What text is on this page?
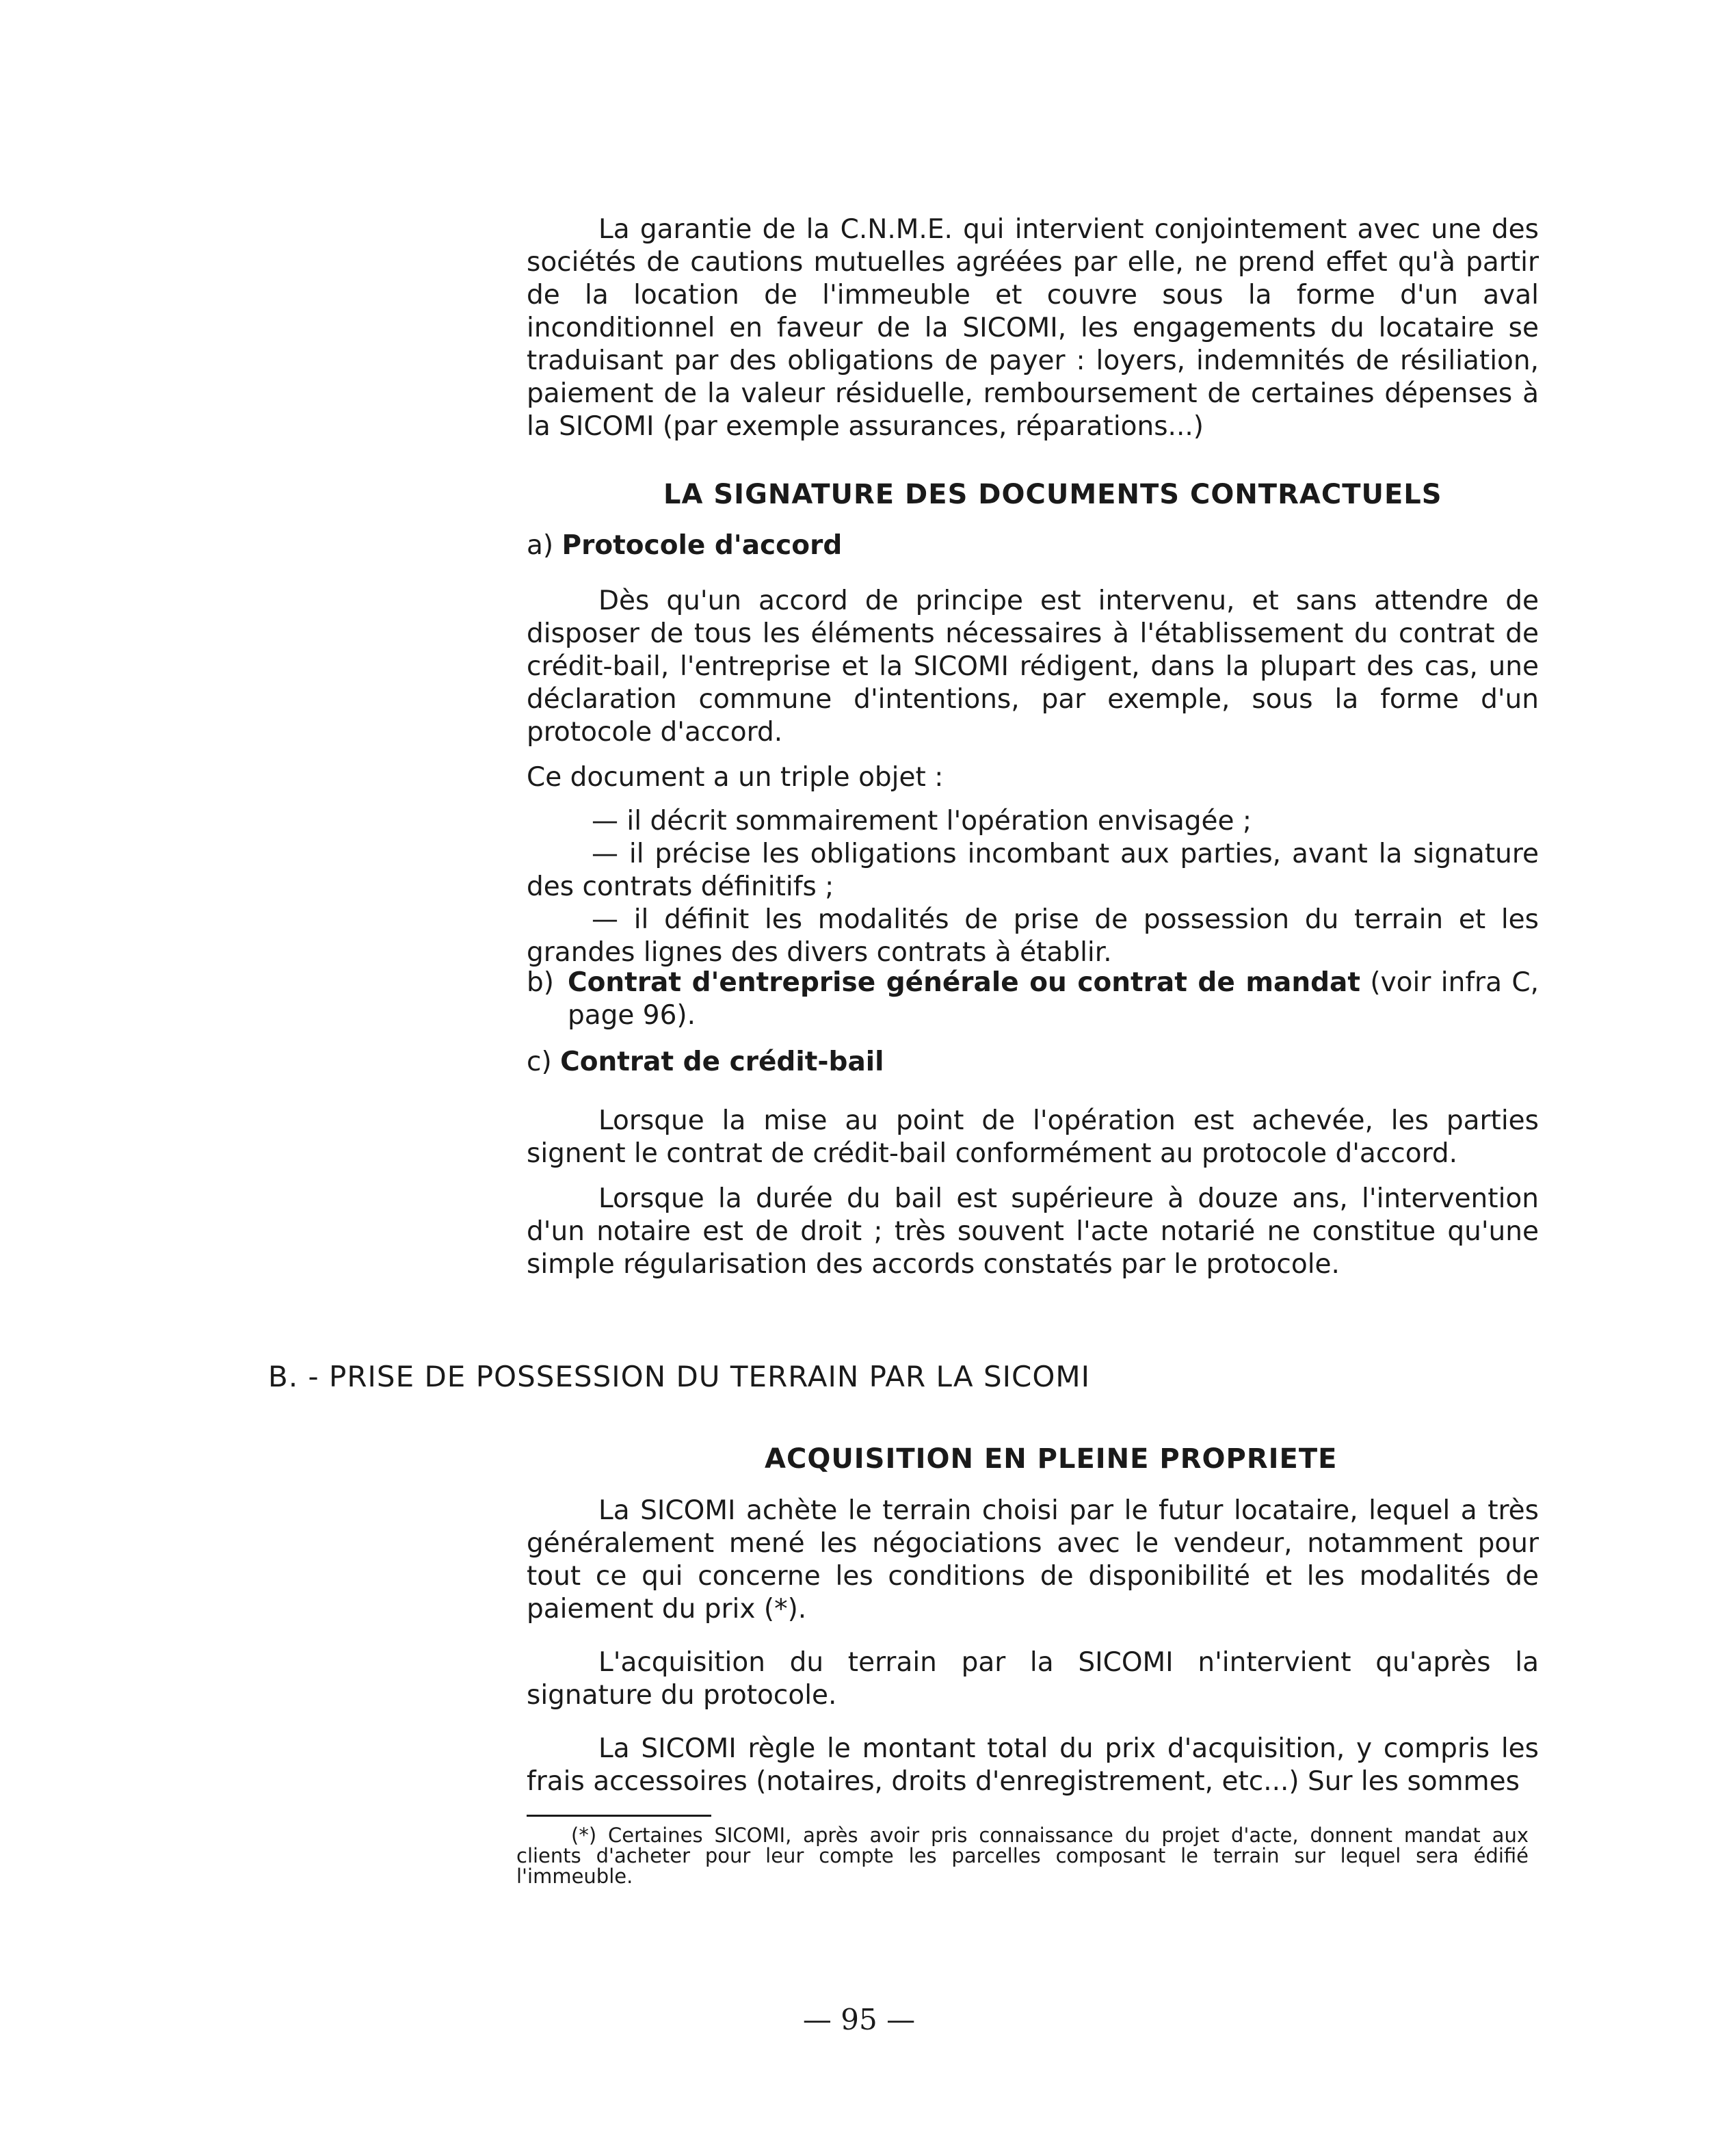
La garantie de la C.N.M.E. qui intervient conjointement avec une des sociétés de cautions mutuelles agréées par elle, ne prend effet qu'à partir de la location de l'immeuble et couvre sous la forme d'un aval inconditionnel en faveur de la SICOMI, les engagements du locataire se traduisant par des obligations de payer : loyers, indemnités de résiliation, paiement de la valeur résiduelle, remboursement de certaines dépenses à la SICOMI (par exemple assurances, réparations...)

LA SIGNATURE DES DOCUMENTS CONTRACTUELS
a) Protocole d'accord

Dès qu'un accord de principe est intervenu, et sans attendre de disposer de tous les éléments nécessaires à l'établissement du contrat de crédit-bail, l'entreprise et la SICOMI rédigent, dans la plupart des cas, une déclaration commune d'intentions, par exemple, sous la forme d'un protocole d'accord.

Ce document a un triple objet :

— il décrit sommairement l'opération envisagée ;

— il précise les obligations incombant aux parties, avant la signature des contrats définitifs ;

— il définit les modalités de prise de possession du terrain et les grandes lignes des divers contrats à établir.

b) Contrat d'entreprise générale ou contrat de mandat (voir infra C, page 96).

c) Contrat de crédit-bail

Lorsque la mise au point de l'opération est achevée, les parties signent le contrat de crédit-bail conformément au protocole d'accord.

Lorsque la durée du bail est supérieure à douze ans, l'intervention d'un notaire est de droit ; très souvent l'acte notarié ne constitue qu'une simple régularisation des accords constatés par le protocole.

B. - PRISE DE POSSESSION DU TERRAIN PAR LA SICOMI
ACQUISITION EN PLEINE PROPRIETE

La SICOMI achète le terrain choisi par le futur locataire, lequel a très généralement mené les négociations avec le vendeur, notamment pour tout ce qui concerne les conditions de disponibilité et les modalités de paiement du prix (*).

L'acquisition du terrain par la SICOMI n'intervient qu'après la signature du protocole.

La SICOMI règle le montant total du prix d'acquisition, y compris les frais accessoires (notaires, droits d'enregistrement, etc...) Sur les sommes

(*) Certaines SICOMI, après avoir pris connaissance du projet d'acte, donnent mandat aux clients d'acheter pour leur compte les parcelles composant le terrain sur lequel sera édifié l'immeuble.
— 95 —
